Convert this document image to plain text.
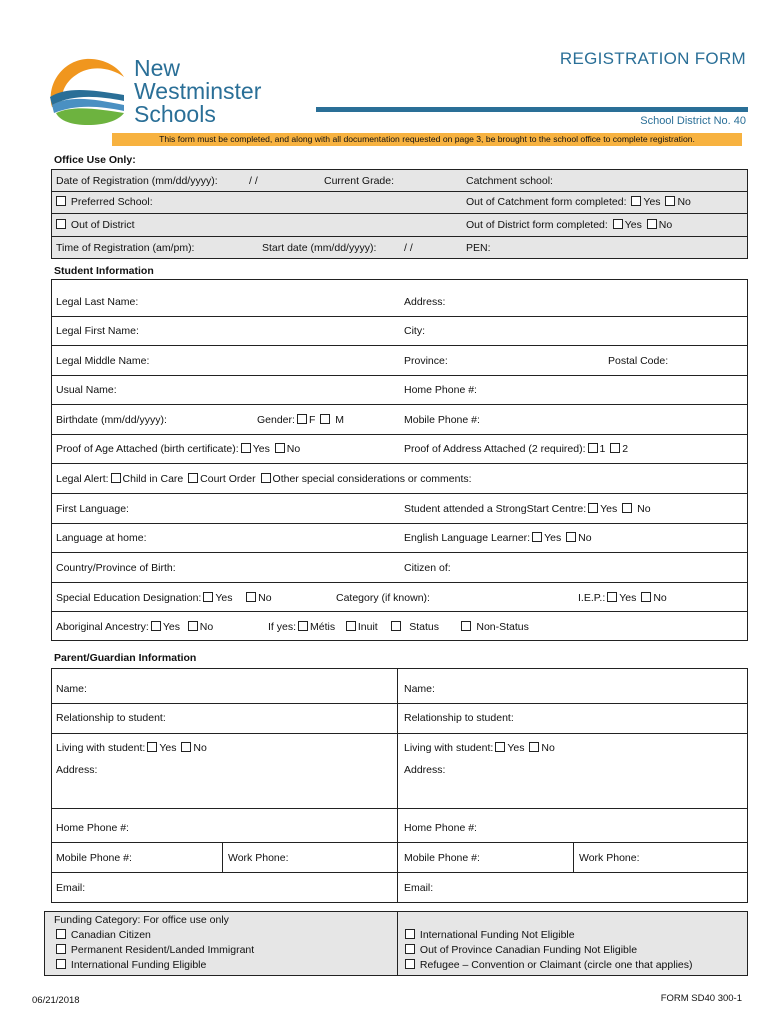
New
Westminster
Schools
REGISTRATION FORM
School District No. 40
This form must be completed, and along with all documentation requested on page 3, be brought to the school office to complete registration.
Office Use Only:
Date of Registration (mm/dd/yyyy):	/ /	Current Grade:	Catchment school:
Preferred School:	Out of Catchment form completed: Yes No
Out of District	Out of District form completed: Yes No
Time of Registration (am/pm):	Start date (mm/dd/yyyy):	/ /	PEN:
Student Information
Legal Last Name:	Address:
Legal First Name:	City:
Legal Middle Name:	Province:	Postal Code:
Usual Name:	Home Phone #:
Birthdate (mm/dd/yyyy):	Gender: F M	Mobile Phone #:
Proof of Age Attached (birth certificate): Yes No	Proof of Address Attached (2 required): 1 2
Legal Alert: Child in Care Court Order Other special considerations or comments:
First Language:	Student attended a StrongStart Centre: Yes No
Language at home:	English Language Learner: Yes No
Country/Province of Birth:	Citizen of:
Special Education Designation: Yes No	Category (if known):	I.E.P.: Yes No
Aboriginal Ancestry: Yes No	If yes: Métis Inuit	Status	Non-Status
Parent/Guardian Information
Name:	Name:
Relationship to student:	Relationship to student:
Living with student: Yes No	Living with student: Yes No
Address:	Address:
Home Phone #:	Home Phone #:
Mobile Phone #:	Work Phone:	Mobile Phone #:	Work Phone:
Email:	Email:
Funding Category: For office use only
Canadian Citizen
Permanent Resident/Landed Immigrant
International Funding Eligible
International Funding Not Eligible
Out of Province Canadian Funding Not Eligible
Refugee – Convention or Claimant (circle one that applies)
06/21/2018	FORM SD40 300-1
